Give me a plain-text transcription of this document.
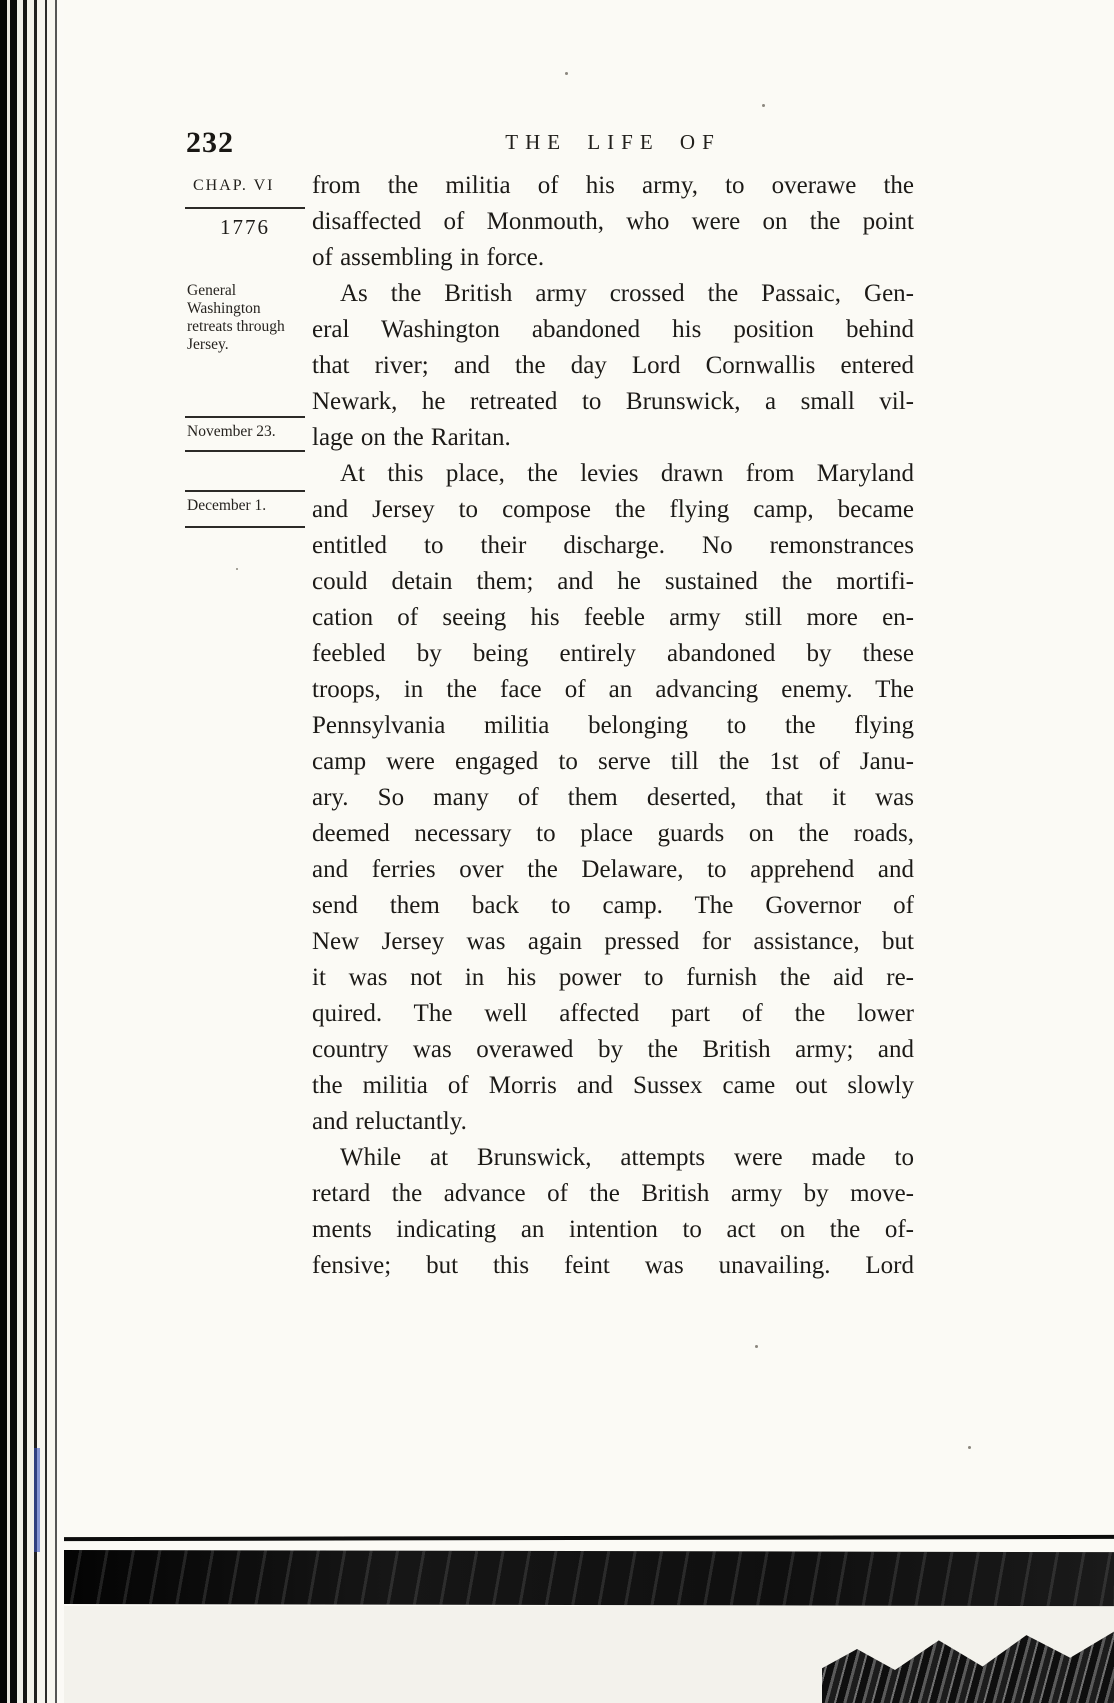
232	THE LIFE OF
CHAP. VI
1776
General Washington retreats through Jersey.
November 23.
December 1.
from the militia of his army, to overawe the
disaffected of Monmouth, who were on the point
of assembling in force.
As the British army crossed the Passaic, Gen-
eral Washington abandoned his position behind
that river; and the day Lord Cornwallis entered
Newark, he retreated to Brunswick, a small vil-
lage on the Raritan.
At this place, the levies drawn from Maryland
and Jersey to compose the flying camp, became
entitled to their discharge. No remonstrances
could detain them; and he sustained the mortifi-
cation of seeing his feeble army still more en-
feebled by being entirely abandoned by these
troops, in the face of an advancing enemy. The
Pennsylvania militia belonging to the flying
camp were engaged to serve till the 1st of Janu-
ary. So many of them deserted, that it was
deemed necessary to place guards on the roads,
and ferries over the Delaware, to apprehend and
send them back to camp. The Governor of
New Jersey was again pressed for assistance, but
it was not in his power to furnish the aid re-
quired. The well affected part of the lower
country was overawed by the British army; and
the militia of Morris and Sussex came out slowly
and reluctantly.
While at Brunswick, attempts were made to
retard the advance of the British army by move-
ments indicating an intention to act on the of-
fensive; but this feint was unavailing. Lord
